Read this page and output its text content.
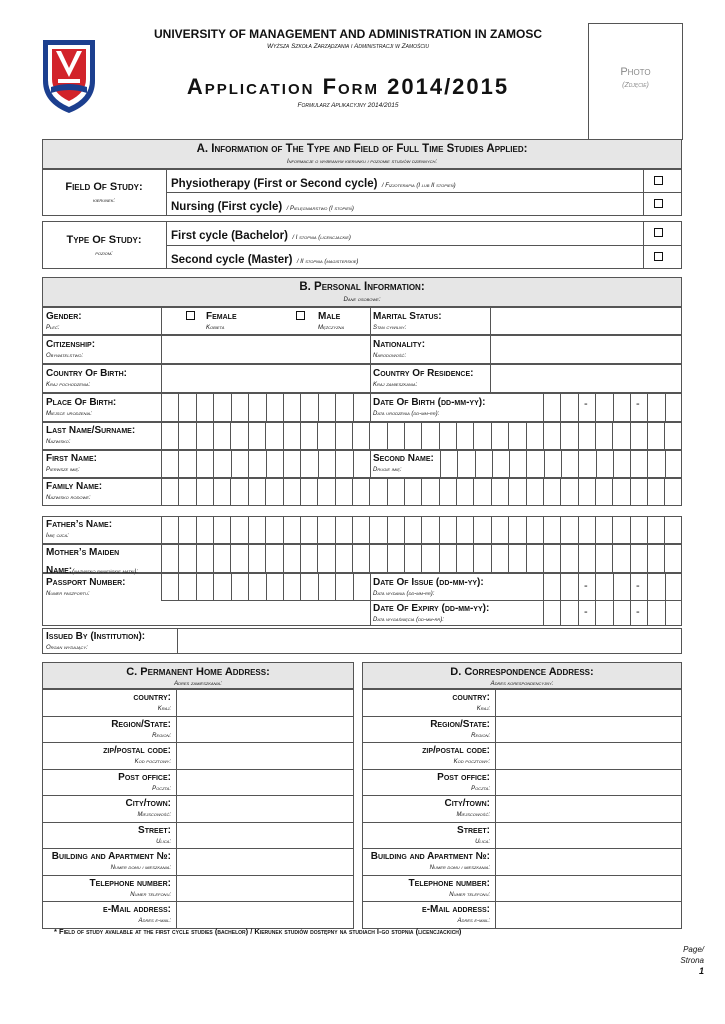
UNIVERSITY OF MANAGEMENT AND ADMINISTRATION IN ZAMOSC
Wyższa Szkoła Zarządzania i Administracji w Zamościu
Application Form 2014/2015
Formularz Aplikacyjny 2014/2015
Photo
(Zdjęcie)
A. Information of The Type and Field of Full Time Studies Applied:
Informacje o wybranym kierunku i poziomie studiów dziennych:
Field Of Study:
kierunek:
Physiotherapy (First or Second cycle) / Fizjoterapia (I lub II stopień)
Nursing (First cycle) / Pielęgniarstwo (I stopień)
Type Of Study:
poziom:
First cycle (Bachelor) / I stopnia (licencjackie)
Second cycle (Master) / II stopnia (magisterskie)
B. Personal Information:
Dane osobowe:
Gender:
Płeć:
Female
Kobieta
Male
Mężczyzna
Marital Status:
Stan cywilny:
Citizenship:
Obywatelstwo:
Nationality:
Narodowość:
Country Of Birth:
Kraj pochodzenia:
Country Of Residence:
Kraj zamieszkania:
Place Of Birth:
Miejsce urodzenia:
Date Of Birth (dd-mm-yy):
Data urodzenia (dd-mm-rr):
-	-
Last Name/Surname:
Nazwisko:
First Name:
Pierwsze imię:
Second Name:
Drugie imię:
Family Name:
Nazwisko rodowe:
Father’s Name:
Imię ojca:
Mother’s Maiden
Name:(nazwisko panieńskie matki):
Passport Number:
Numer paszportu:
Date Of Issue (dd-mm-yy):
Data wydania (dd-mm-rr):
-	-
Date Of Expiry (dd-mm-yy):
Data wygaśnięcia (dd-mm-rr):
-	-
Issued By (Institution):
Organ wydający:
C. Permanent Home Address:
Adres zamieszkania:
country:
Kraj:
Region/State:
Region:
zip/postal code:
Kod pocztowy:
Post office:
Poczta:
City/town:
Miejscowość:
Street:
Ulica:
Building and Apartment №:
Numer domu i mieszkania:
Telephone number:
Numer telefonu:
e-Mail address:
Adres e-mail:
D. Correspondence Address:
Adres korespondencyjny:
country:
Kraj:
Region/State:
Region:
zip/postal code:
Kod pocztowy:
Post office:
Poczta:
City/town:
Miejscowość:
Street:
Ulica:
Building and Apartment №:
Numer domu i mieszkania:
Telephone number:
Numer telefonu:
e-Mail address:
Adres e-mail:
* Field of study available at the first cycle studies (bachelor) / Kierunek studiów dostępny na studiach I-go stopnia (licencjackich)
Page/
Strona
1
